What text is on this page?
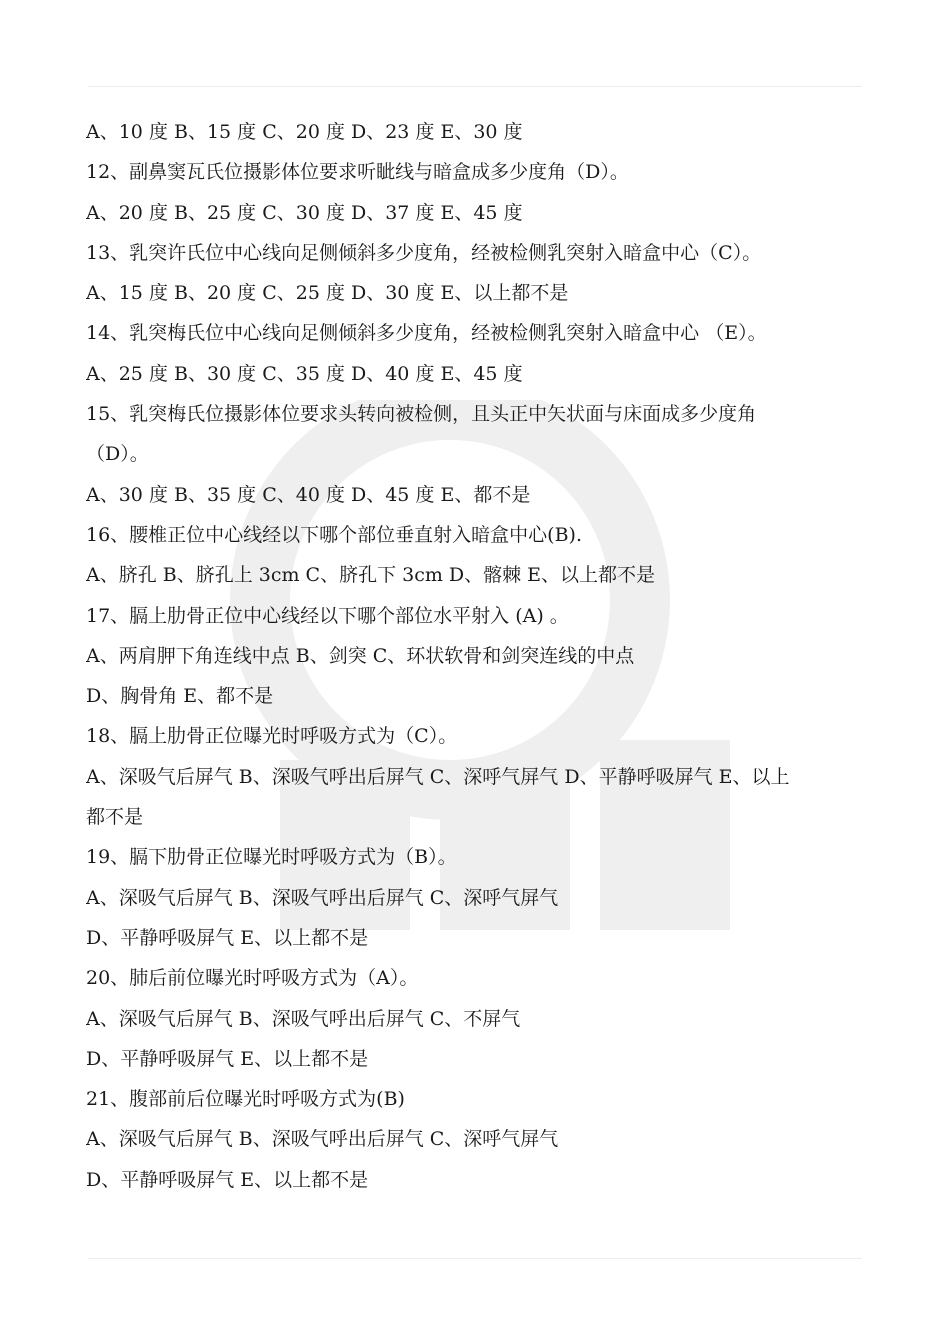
A、10 度 B、15 度 C、20 度 D、23 度 E、30 度
12、副鼻窦瓦氏位摄影体位要求听眦线与暗盒成多少度角（D）。
A、20 度 B、25 度 C、30 度 D、37 度 E、45 度
13、乳突许氏位中心线向足侧倾斜多少度角，经被检侧乳突射入暗盒中心（C）。
A、15 度 B、20 度 C、25 度 D、30 度 E、以上都不是
14、乳突梅氏位中心线向足侧倾斜多少度角，经被检侧乳突射入暗盒中心 （E）。
A、25 度 B、30 度 C、35 度 D、40 度 E、45 度
15、乳突梅氏位摄影体位要求头转向被检侧，且头正中矢状面与床面成多少度角
（D）。
A、30 度 B、35 度 C、40 度 D、45 度 E、都不是
16、腰椎正位中心线经以下哪个部位垂直射入暗盒中心(B).
A、脐孔 B、脐孔上 3cm C、脐孔下 3cm D、髂棘 E、以上都不是
17、膈上肋骨正位中心线经以下哪个部位水平射入 (A) 。
A、两肩胛下角连线中点 B、剑突 C、环状软骨和剑突连线的中点
D、胸骨角 E、都不是
18、膈上肋骨正位曝光时呼吸方式为（C）。
A、深吸气后屏气 B、深吸气呼出后屏气 C、深呼气屏气 D、平静呼吸屏气 E、以上
都不是
19、膈下肋骨正位曝光时呼吸方式为（B）。
A、深吸气后屏气 B、深吸气呼出后屏气 C、深呼气屏气
D、平静呼吸屏气 E、以上都不是
20、肺后前位曝光时呼吸方式为（A）。
A、深吸气后屏气 B、深吸气呼出后屏气 C、不屏气
D、平静呼吸屏气 E、以上都不是
21、腹部前后位曝光时呼吸方式为(B)
A、深吸气后屏气 B、深吸气呼出后屏气 C、深呼气屏气
D、平静呼吸屏气 E、以上都不是
